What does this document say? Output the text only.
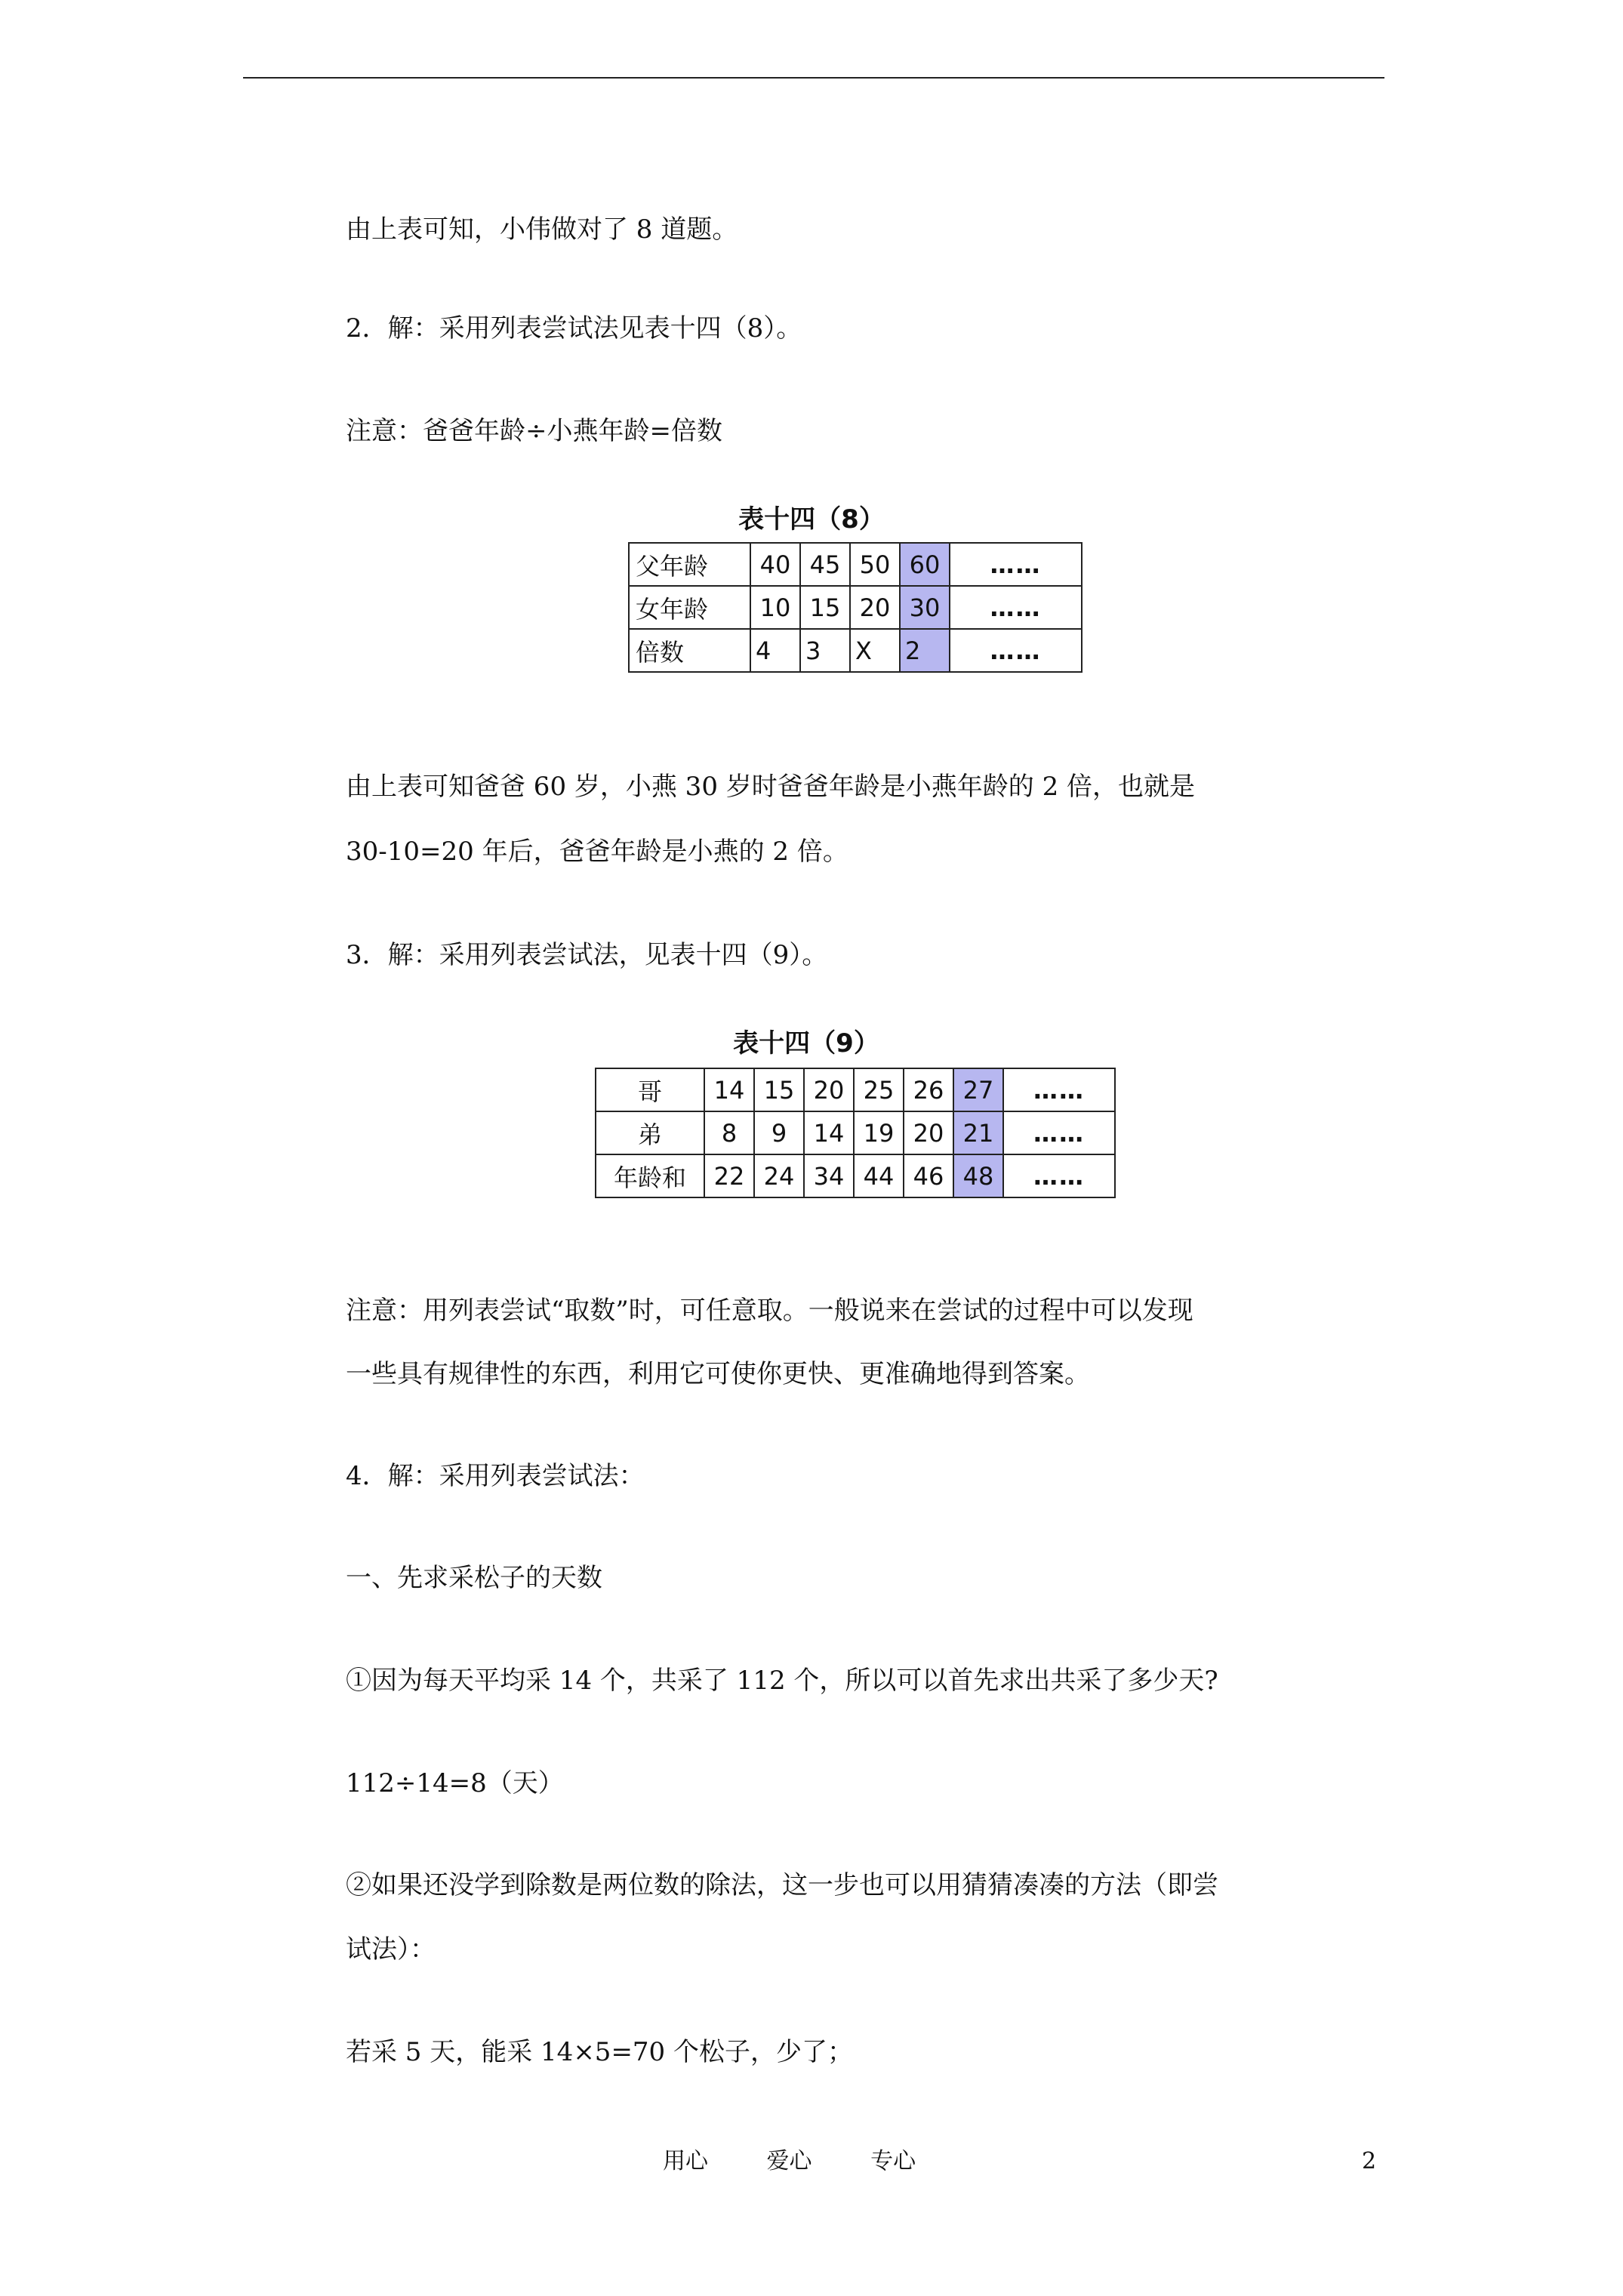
由上表可知，小伟做对了 8 道题。

2．解：采用列表尝试法见表十四（8）。

注意：爸爸年龄÷小燕年龄=倍数

表十四（8）
父年龄	40	45	50	60	……
女年龄	10	15	20	30	……
倍数	4	3	X	2	……

由上表可知爸爸 60 岁，小燕 30 岁时爸爸年龄是小燕年龄的 2 倍，也就是

30-10=20 年后，爸爸年龄是小燕的 2 倍。

3．解：采用列表尝试法，见表十四（9）。

表十四（9）
哥	14	15	20	25	26	27	……
弟	8	9	14	19	20	21	……
年龄和	22	24	34	44	46	48	……

注意：用列表尝试“取数”时，可任意取。一般说来在尝试的过程中可以发现

一些具有规律性的东西，利用它可使你更快、更准确地得到答案。

4．解：采用列表尝试法：

一、先求采松子的天数

①因为每天平均采 14 个，共采了 112 个，所以可以首先求出共采了多少天?

112÷14=8（天）

②如果还没学到除数是两位数的除法，这一步也可以用猜猜凑凑的方法（即尝

试法）：

若采 5 天，能采 14×5=70 个松子，少了；

用心	爱心	专心	2
